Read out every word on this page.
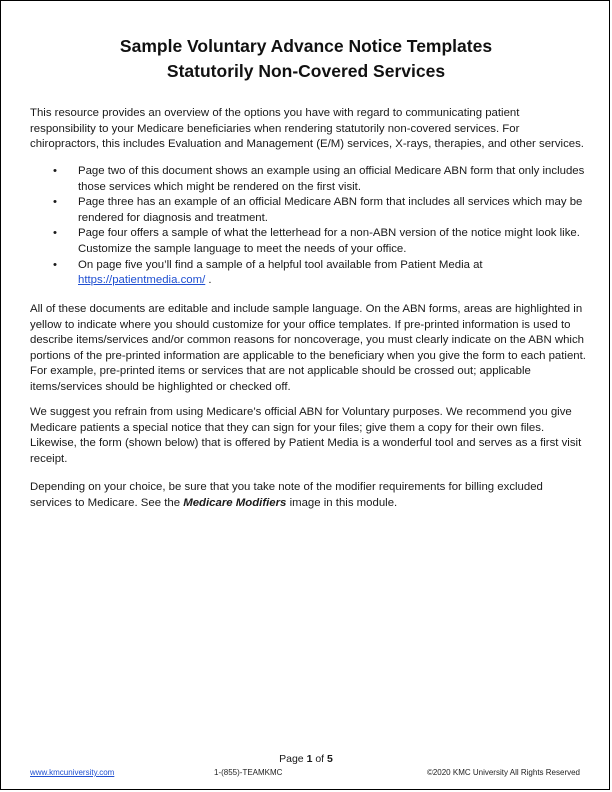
Sample Voluntary Advance Notice Templates
Statutorily Non-Covered Services

This resource provides an overview of the options you have with regard to communicating patient responsibility to your Medicare beneficiaries when rendering statutorily non-covered services. For chiropractors, this includes Evaluation and Management (E/M) services, X-rays, therapies, and other services.

• Page two of this document shows an example using an official Medicare ABN form that only includes those services which might be rendered on the first visit.
• Page three has an example of an official Medicare ABN form that includes all services which may be rendered for diagnosis and treatment.
• Page four offers a sample of what the letterhead for a non-ABN version of the notice might look like. Customize the sample language to meet the needs of your office.
• On page five you’ll find a sample of a helpful tool available from Patient Media at https://patientmedia.com/ .

All of these documents are editable and include sample language. On the ABN forms, areas are highlighted in yellow to indicate where you should customize for your office templates. If pre-printed information is used to describe items/services and/or common reasons for noncoverage, you must clearly indicate on the ABN which portions of the pre-printed information are applicable to the beneficiary when you give the form to each patient. For example, pre-printed items or services that are not applicable should be crossed out; applicable items/services should be highlighted or checked off.

We suggest you refrain from using Medicare’s official ABN for Voluntary purposes. We recommend you give Medicare patients a special notice that they can sign for your files; give them a copy for their own files. Likewise, the form (shown below) that is offered by Patient Media is a wonderful tool and serves as a first visit receipt.

Depending on your choice, be sure that you take note of the modifier requirements for billing excluded services to Medicare. See the Medicare Modifiers image in this module.

Page 1 of 5
www.kmcuniversity.com	1-(855)-TEAMKMC	©2020 KMC University All Rights Reserved
